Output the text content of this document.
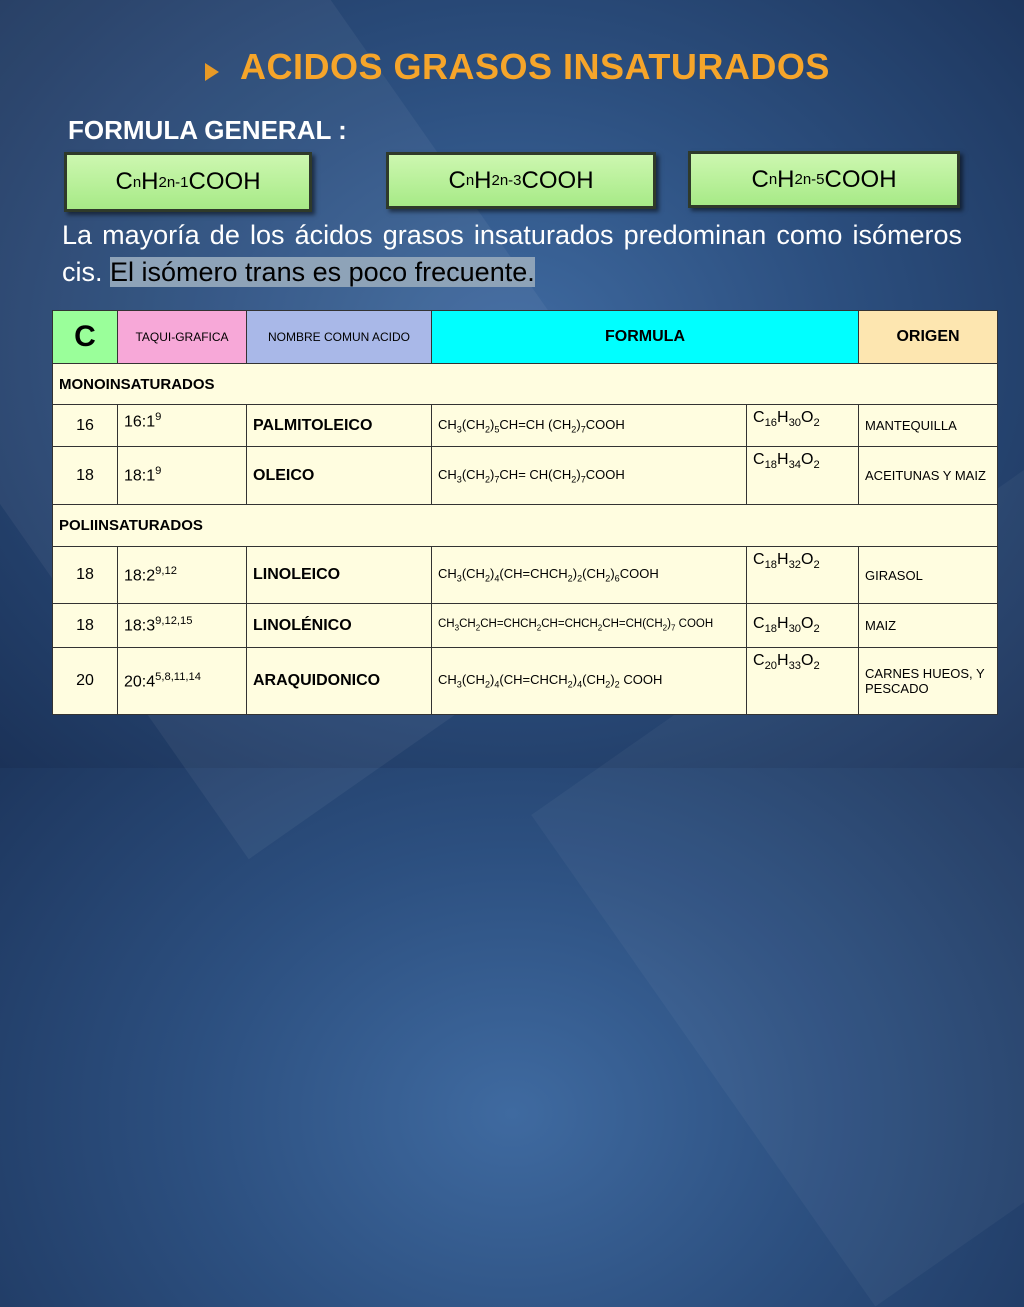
ACIDOS GRASOS INSATURADOS
FORMULA GENERAL :
C n H 2n-1 COOH	C n H 2n-3 COOH	C n H 2n-5 COOH
La mayoría de los ácidos grasos insaturados predominan como isómeros cis. El isómero trans es poco frecuente.
C	TAQUI-GRAFICA	NOMBRE COMUN ACIDO	FORMULA		ORIGEN
MONOINSATURADOS					
16	$16:1^9$	PALMITOLEICO	$CH_3(CH_2)_5CH=CH$ $(CH_2)_7COOH$	$C_{16}H_{30}O_2$	MANTEQUILLA
18	$18:1^9$	OLEICO	$CH_3(CH_2)_7CH=$ $CH(CH_2)_7COOH$	$C_{18}H_{34}O_2$	ACEITUNAS Y MAIZ
POLIINSATURADOS					
18	18:2$^{9,12}$	LINOLEICO	$CH_3(CH_2)_4(CH=CHCH_2)_2(CH_2)_6COOH$	$C_{18}H_{32}O_2$	GIRASOL
18	18:3$^{9,12,15}$	LINOLÉNICO	$CH_3CH_2CH=CHCH_2CH=CHCH_2CH=CH(CH_2)_7$ COOH	$C_{18}H_{30}O_2$	MAIZ
20	20:4$^{5,8,11,14}$	ARAQUIDONICO	$CH_3(CH_2)_4(CH=CHCH_2)_4(CH_2)_2$ COOH	$C_{20}H_{33}O_2$	CARNES HUEOS, Y PESCADO
